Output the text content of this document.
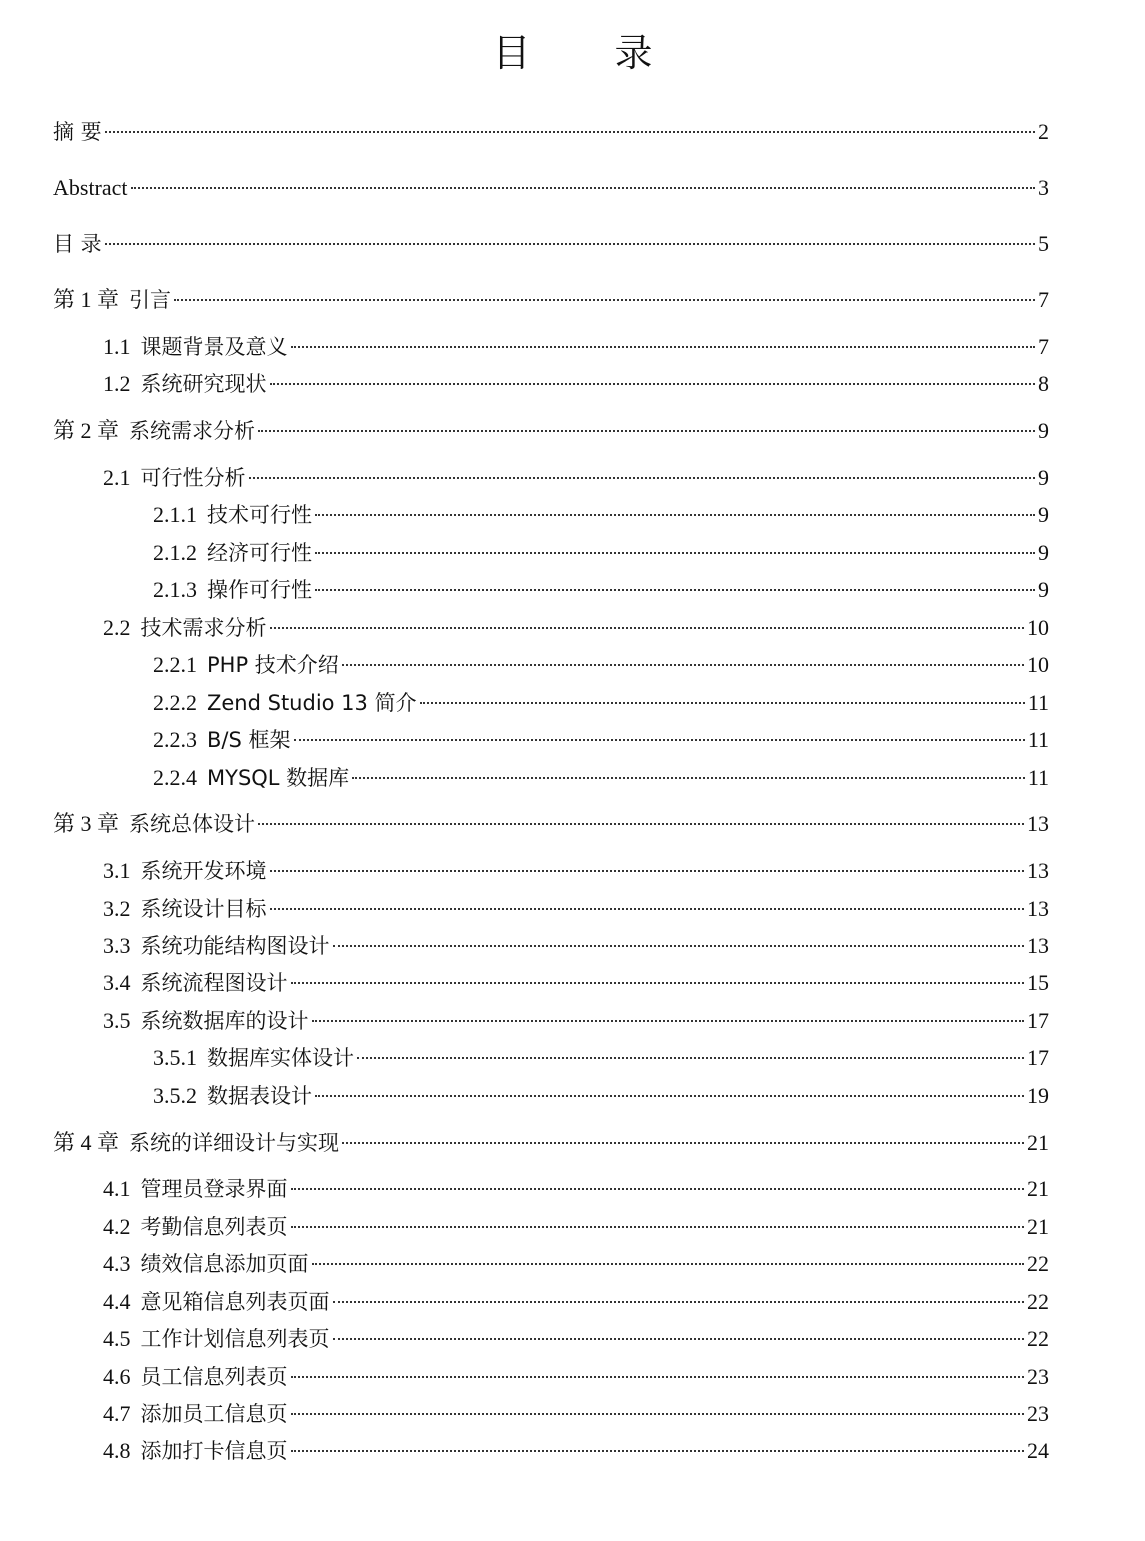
目 录
摘 要	2
Abstract	3
目 录	5
第 1 章 引言	7
1.1 课题背景及意义	7
1.2 系统研究现状	8
第 2 章 系统需求分析	9
2.1 可行性分析	9
2.1.1 技术可行性	9
2.1.2 经济可行性	9
2.1.3 操作可行性	9
2.2 技术需求分析	10
2.2.1 PHP 技术介绍	10
2.2.2 Zend Studio 13 简介	11
2.2.3 B/S 框架	11
2.2.4 MYSQL 数据库	11
第 3 章 系统总体设计	13
3.1 系统开发环境	13
3.2 系统设计目标	13
3.3 系统功能结构图设计	13
3.4 系统流程图设计	15
3.5 系统数据库的设计	17
3.5.1 数据库实体设计	17
3.5.2 数据表设计	19
第 4 章 系统的详细设计与实现	21
4.1 管理员登录界面	21
4.2 考勤信息列表页	21
4.3 绩效信息添加页面	22
4.4 意见箱信息列表页面	22
4.5 工作计划信息列表页	22
4.6 员工信息列表页	23
4.7 添加员工信息页	23
4.8 添加打卡信息页	24
